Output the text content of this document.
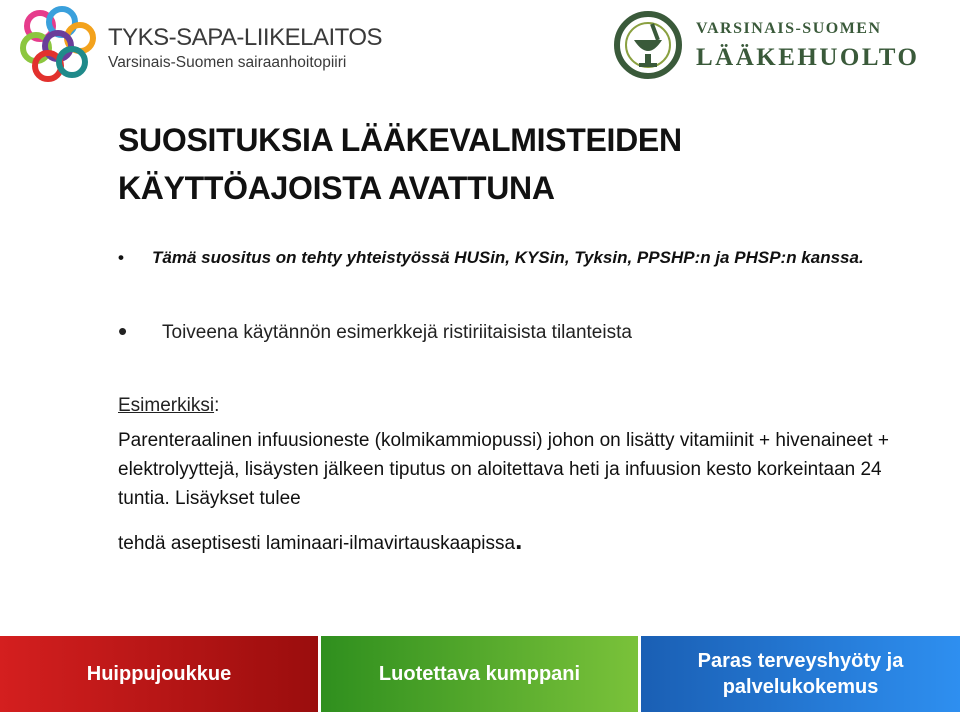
TYKS-SAPA-LIIKELAITOS
Varsinais-Suomen sairaanhoitopiiri
VARSINAIS-SUOMEN
LÄÄKEHUOLTO
SUOSITUKSIA LÄÄKEVALMISTEIDEN
KÄYTTÖAJOISTA AVATTUNA
•	Tämä suositus on tehty yhteistyössä HUSin, KYSin, Tyksin, PPSHP:n ja PHSP:n kanssa.
•	Toiveena käytännön esimerkkejä ristiriitaisista tilanteista
Esimerkiksi:
Parenteraalinen infuusioneste (kolmikammiopussi) johon on lisätty vitamiinit + hivenaineet + elektrolyyttejä, lisäysten jälkeen tiputus on aloitettava heti ja infuusion kesto korkeintaan 24 tuntia. Lisäykset tulee
tehdä aseptisesti laminaari-ilmavirtauskaapissa.
Huippujoukkue	Luotettava kumppani
Paras terveyshyöty ja palvelukokemus
